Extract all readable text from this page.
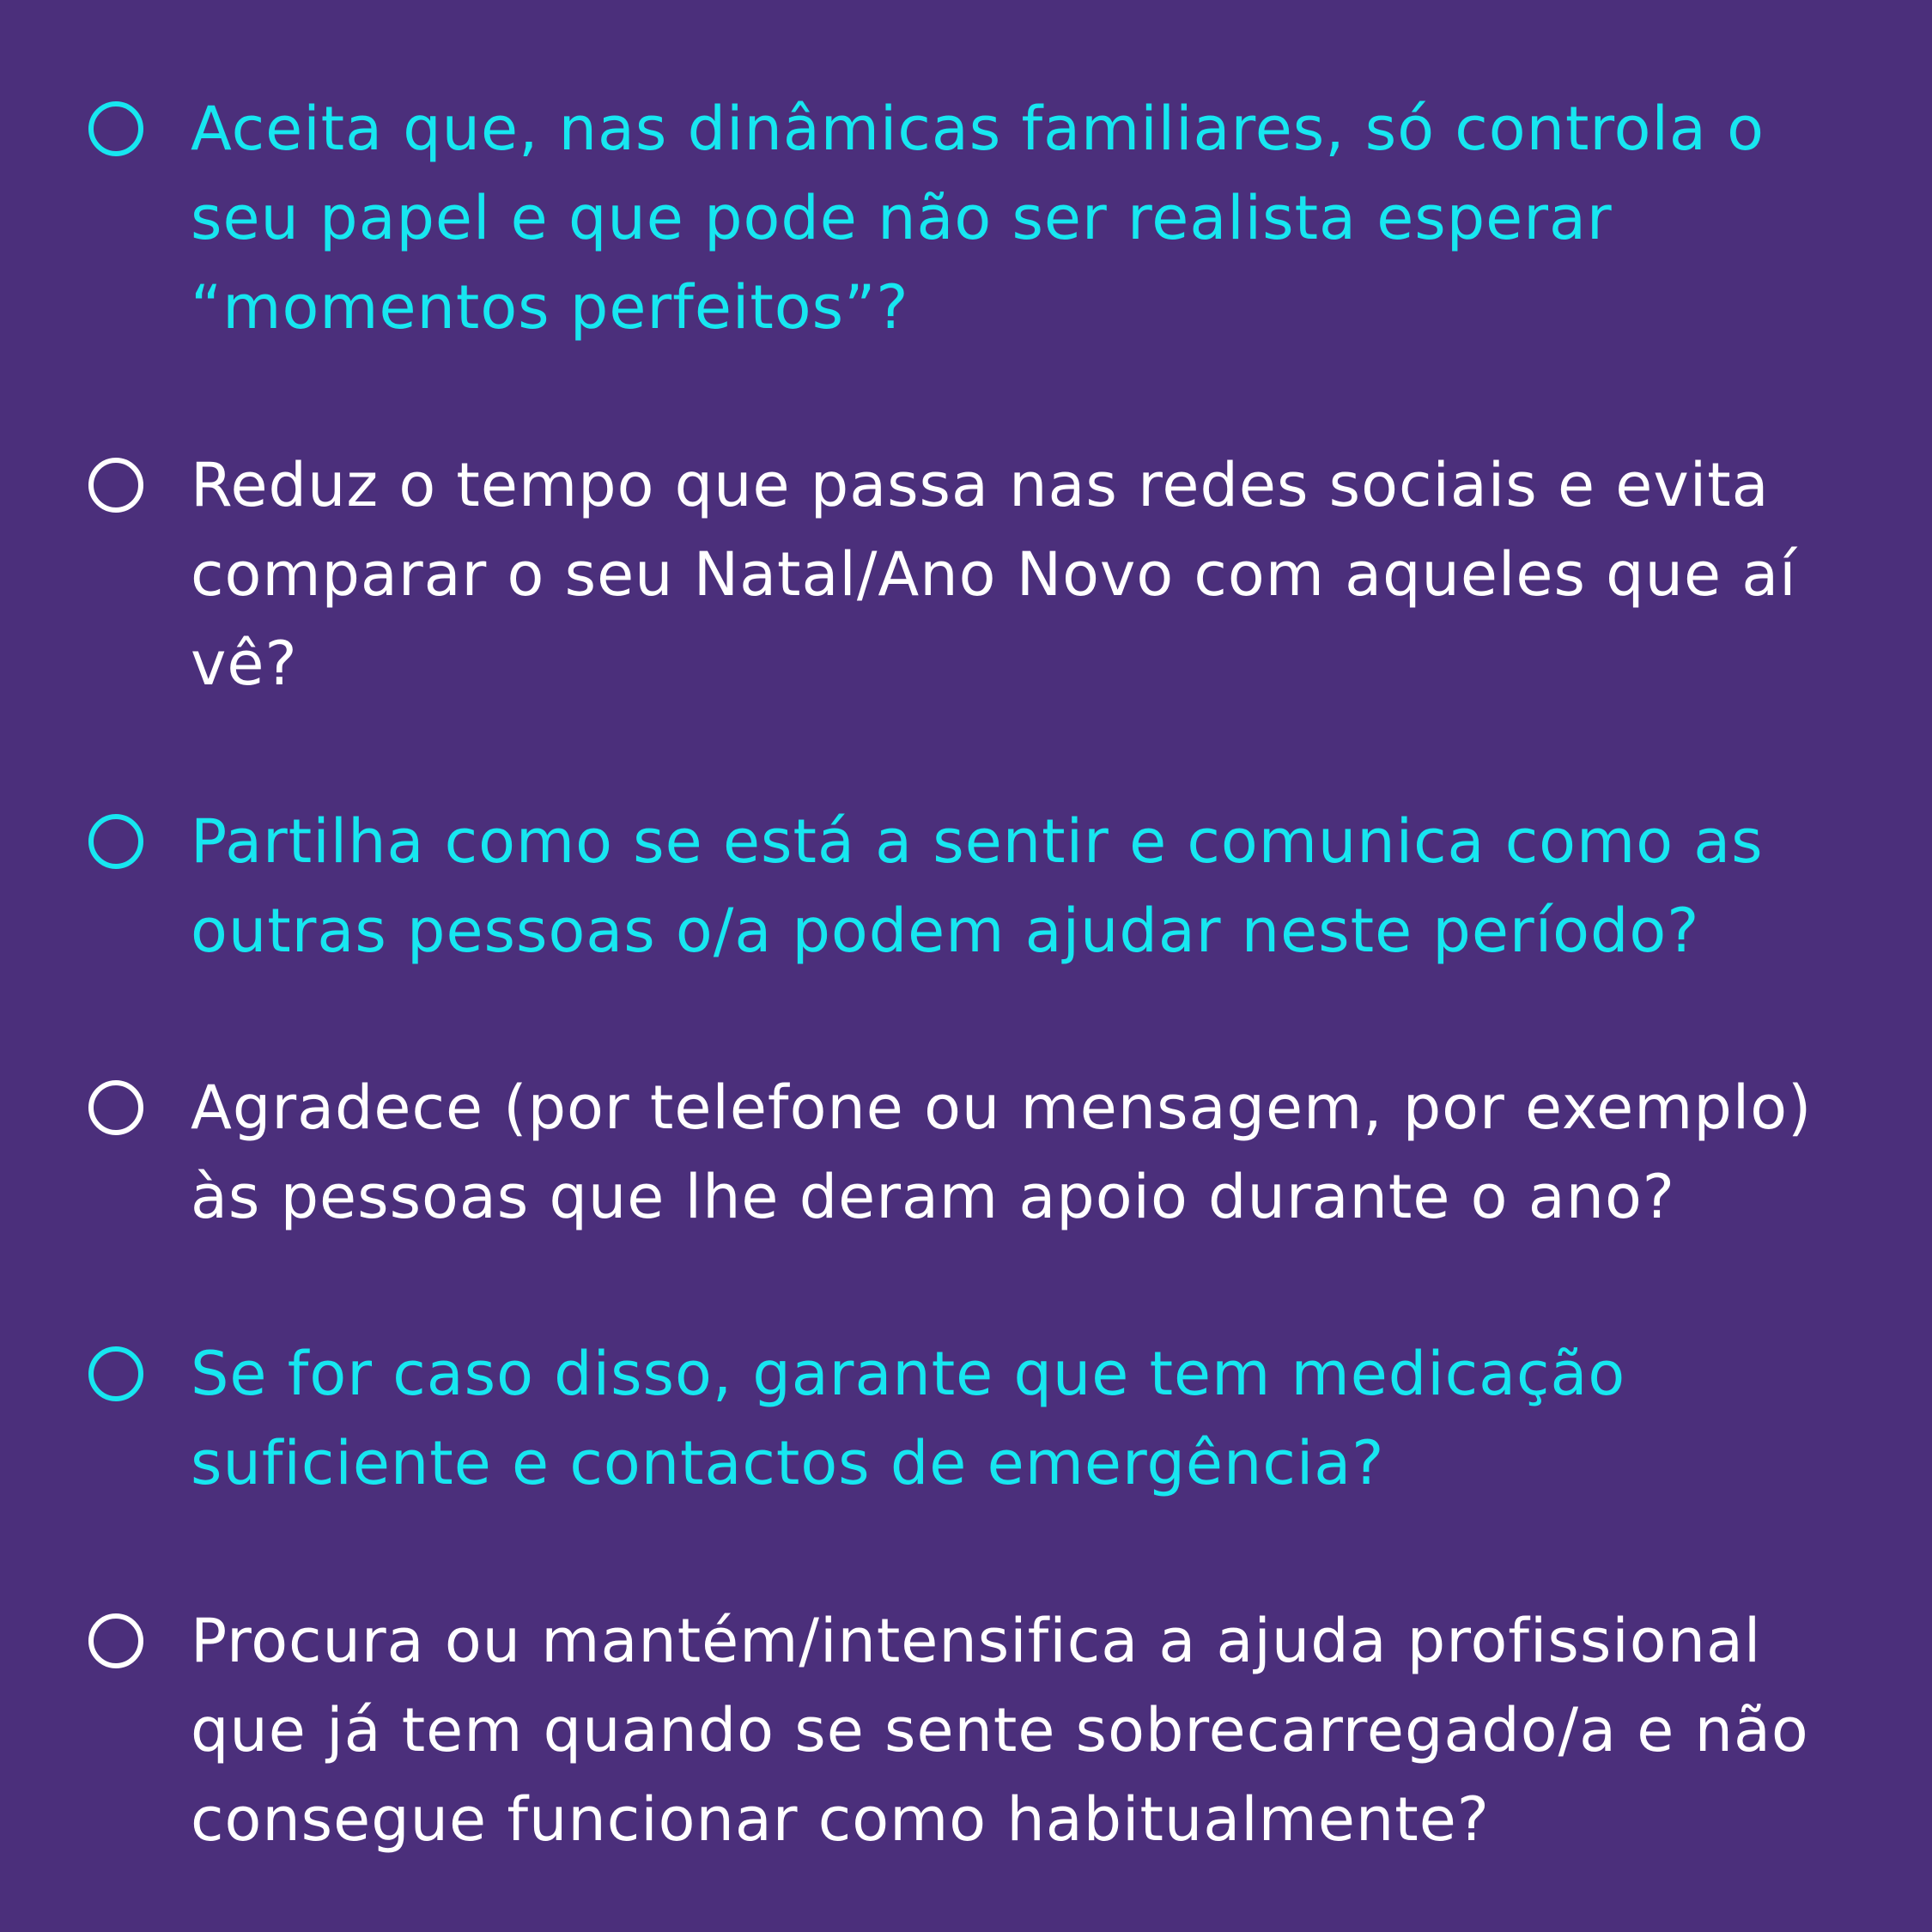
Aceita que, nas dinâmicas familiares, só controla o
seu papel e que pode não ser realista esperar
“momentos perfeitos”?

Reduz o tempo que passa nas redes sociais e evita
comparar o seu Natal/Ano Novo com aqueles que aí
vê?

Partilha como se está a sentir e comunica como as
outras pessoas o/a podem ajudar neste período?

Agradece (por telefone ou mensagem, por exemplo)
às pessoas que lhe deram apoio durante o ano?

Se for caso disso, garante que tem medicação
suficiente e contactos de emergência?

Procura ou mantém/intensifica a ajuda profissional
que já tem quando se sente sobrecarregado/a e não
consegue funcionar como habitualmente?
